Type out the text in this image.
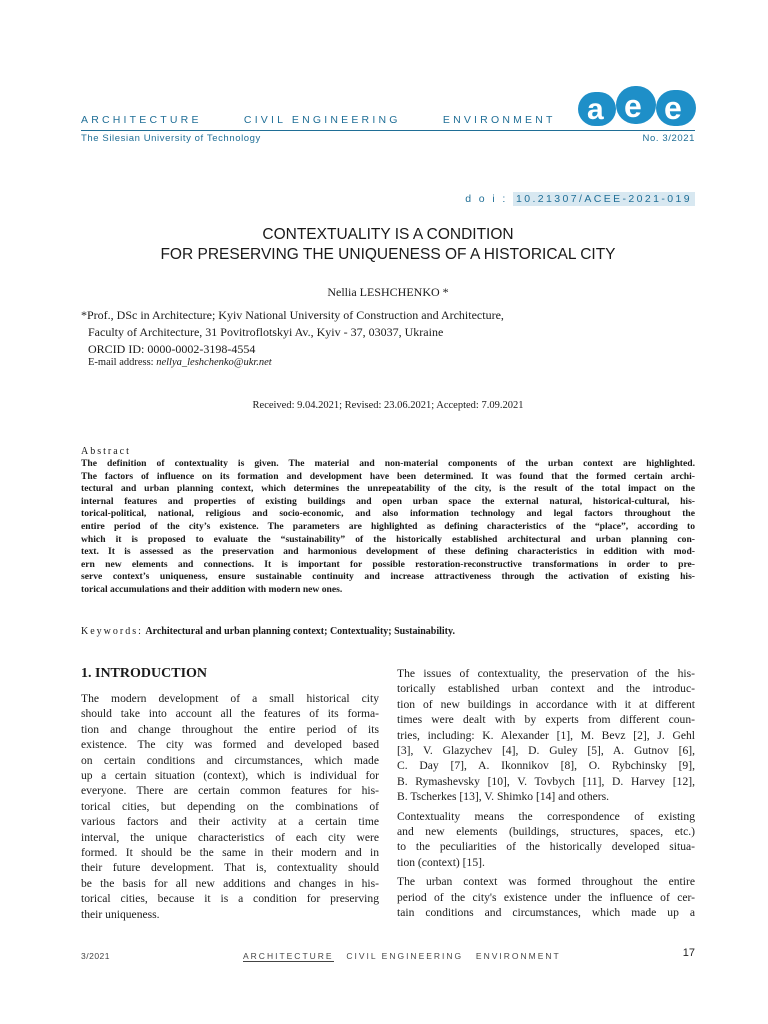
ARCHITECTURE	CIVIL ENGINEERING	ENVIRONMENT
The Silesian University of Technology	No. 3/2021
a e e
d o i : 10.21307/ACEE-2021-019
CONTEXTUALITY IS A CONDITION
FOR PRESERVING THE UNIQUENESS OF A HISTORICAL CITY
Nellia LESHCHENKO *
*Prof., DSc in Architecture; Kyiv National University of Construction and Architecture,
Faculty of Architecture, 31 Povitroflotskyi Av., Kyiv - 37, 03037, Ukraine
ORCID ID: 0000-0002-3198-4554
E-mail address: nellya_leshchenko@ukr.net
Received: 9.04.2021; Revised: 23.06.2021; Accepted: 7.09.2021
Abstract
The definition of contextuality is given. The material and non-material components of the urban context are highlighted.
The factors of influence on its formation and development have been determined. It was found that the formed certain archi-
tectural and urban planning context, which determines the unrepeatability of the city, is the result of the total impact on the
internal features and properties of existing buildings and open urban space the external natural, historical-cultural, his-
torical-political, national, religious and socio-economic, and also information technology and legal factors throughout the
entire period of the city’s existence. The parameters are highlighted as defining characteristics of the “place”, according to
which it is proposed to evaluate the “sustainability” of the historically established architectural and urban planning con-
text. It is assessed as the preservation and harmonious development of these defining characteristics in eddition with mod-
ern new elements and connections. It is important for possible restoration-reconstructive transformations in order to pre-
serve context’s uniqueness, ensure sustainable continuity and increase attractiveness through the activation of existing his-
torical accumulations and their addition with modern new ones.
Keywords: Architectural and urban planning context; Contextuality; Sustainability.
1. INTRODUCTION
The modern development of a small historical city
should take into account all the features of its forma-
tion and change throughout the entire period of its
existence. The city was formed and developed based
on certain conditions and circumstances, which made
up a certain situation (context), which is individual for
everyone. There are certain common features for his-
torical cities, but depending on the combinations of
various factors and their activity at a certain time
interval, the unique characteristics of each city were
formed. It should be the same in their modern and in
their future development. That is, contextuality should
be the basis for all new additions and changes in his-
torical cities, because it is a condition for preserving
their uniqueness.
The issues of contextuality, the preservation of the his-
torically established urban context and the introduc-
tion of new buildings in accordance with it at different
times were dealt with by experts from different coun-
tries, including: K. Alexander [1], M. Bevz [2], J. Gehl
[3], V. Glazychev [4], D. Guley [5], A. Gutnov [6],
C. Day [7], A. Ikonnikov [8], O. Rybchinsky [9],
B. Rymashevsky [10], V. Tovbych [11], D. Harvey [12],
B. Tscherkes [13], V. Shimko [14] and others.
Contextuality means the correspondence of existing
and new elements (buildings, structures, spaces, etc.)
to the peculiarities of the historically developed situa-
tion (context) [15].
The urban context was formed throughout the entire
period of the city's existence under the influence of cer-
tain conditions and circumstances, which made up a
3/2021	ARCHITECTURE CIVIL ENGINEERING ENVIRONMENT	17
